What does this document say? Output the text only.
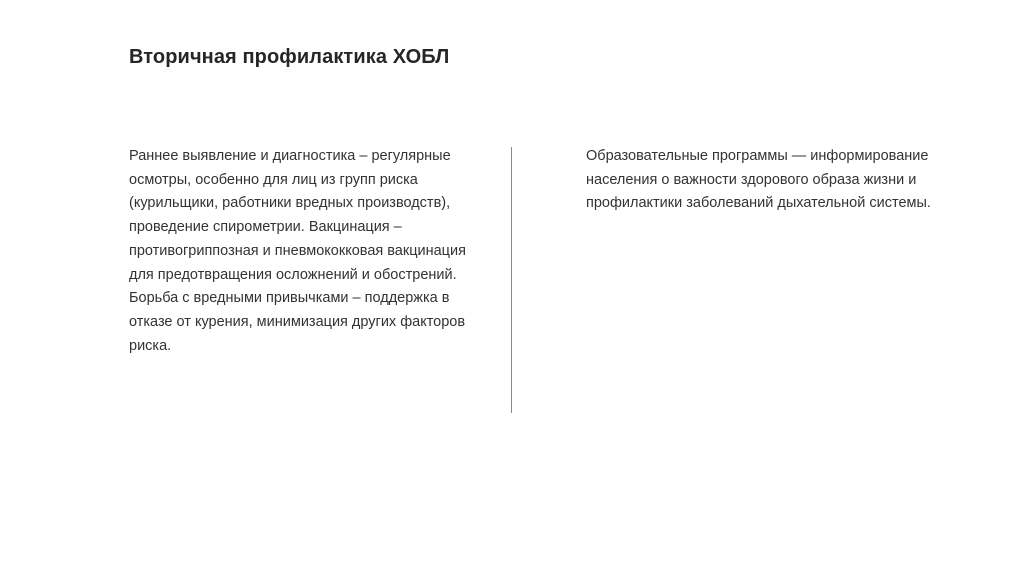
Вторичная профилактика ХОБЛ

Раннее выявление и диагностика – регулярные

осмотры, особенно для лиц из групп риска

(курильщики, работники вредных производств),

проведение спирометрии. Вакцинация –

противогриппозная и пневмококковая вакцинация

для предотвращения осложнений и обострений.

Борьба с вредными привычками – поддержка в

отказе от курения, минимизация других факторов

риска.

Образовательные программы — информирование

населения о важности здорового образа жизни и

профилактики заболеваний дыхательной системы.
